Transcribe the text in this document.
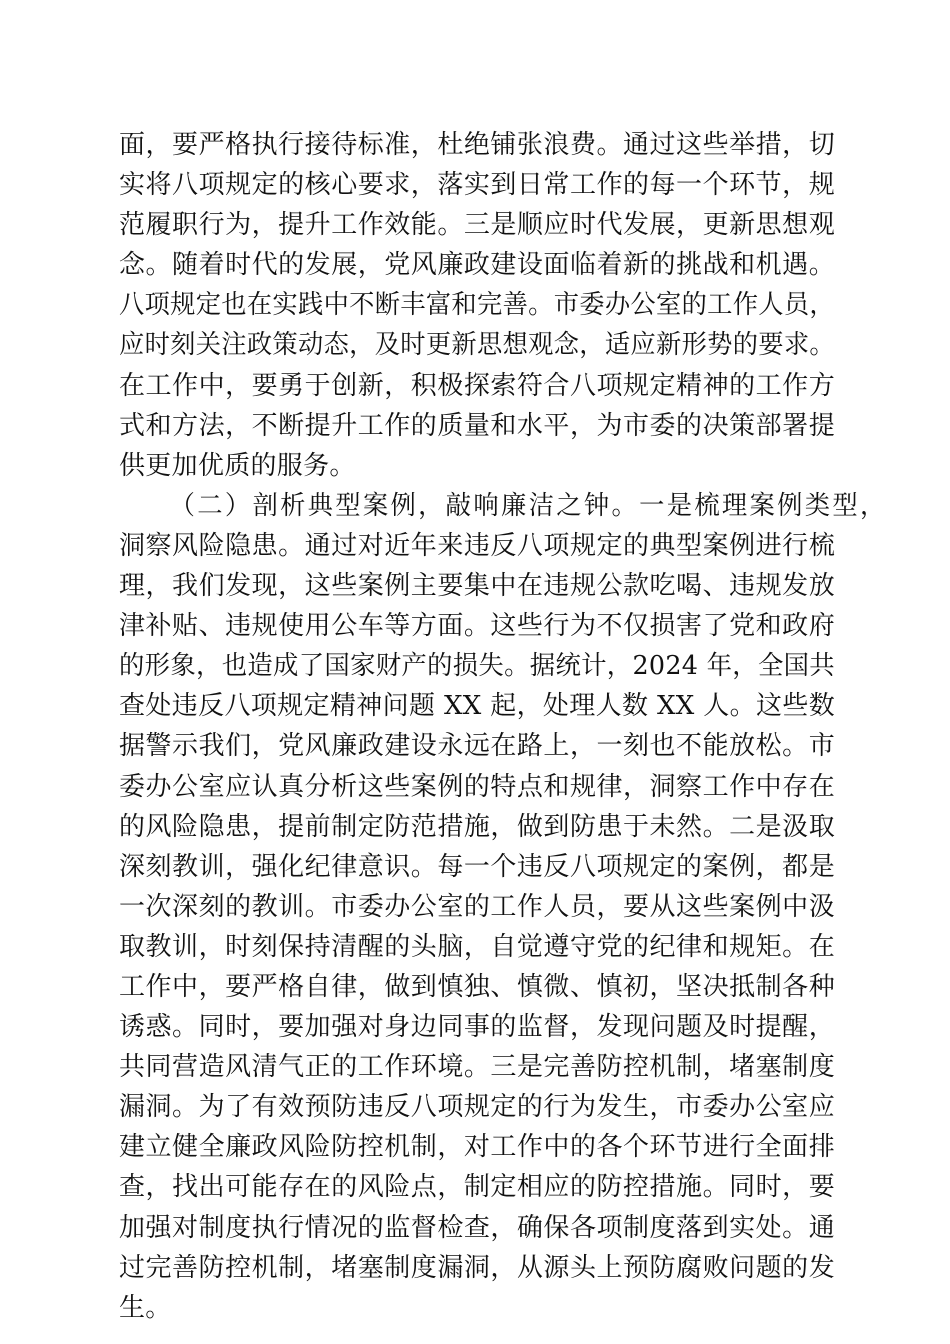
面，要严格执行接待标准，杜绝铺张浪费。通过这些举措，切
实将八项规定的核心要求，落实到日常工作的每一个环节，规
范履职行为，提升工作效能。三是顺应时代发展，更新思想观
念。随着时代的发展，党风廉政建设面临着新的挑战和机遇。
八项规定也在实践中不断丰富和完善。市委办公室的工作人员，
应时刻关注政策动态，及时更新思想观念，适应新形势的要求。
在工作中，要勇于创新，积极探索符合八项规定精神的工作方
式和方法，不断提升工作的质量和水平，为市委的决策部署提
供更加优质的服务。
（二）剖析典型案例，敲响廉洁之钟。一是梳理案例类型，
洞察风险隐患。通过对近年来违反八项规定的典型案例进行梳
理，我们发现，这些案例主要集中在违规公款吃喝、违规发放
津补贴、违规使用公车等方面。这些行为不仅损害了党和政府
的形象，也造成了国家财产的损失。据统计，2024 年，全国共
查处违反八项规定精神问题 XX 起，处理人数 XX 人。这些数
据警示我们，党风廉政建设永远在路上，一刻也不能放松。市
委办公室应认真分析这些案例的特点和规律，洞察工作中存在
的风险隐患，提前制定防范措施，做到防患于未然。二是汲取
深刻教训，强化纪律意识。每一个违反八项规定的案例，都是
一次深刻的教训。市委办公室的工作人员，要从这些案例中汲
取教训，时刻保持清醒的头脑，自觉遵守党的纪律和规矩。在
工作中，要严格自律，做到慎独、慎微、慎初，坚决抵制各种
诱惑。同时，要加强对身边同事的监督，发现问题及时提醒，
共同营造风清气正的工作环境。三是完善防控机制，堵塞制度
漏洞。为了有效预防违反八项规定的行为发生，市委办公室应
建立健全廉政风险防控机制，对工作中的各个环节进行全面排
查，找出可能存在的风险点，制定相应的防控措施。同时，要
加强对制度执行情况的监督检查，确保各项制度落到实处。通
过完善防控机制，堵塞制度漏洞，从源头上预防腐败问题的发
生。
